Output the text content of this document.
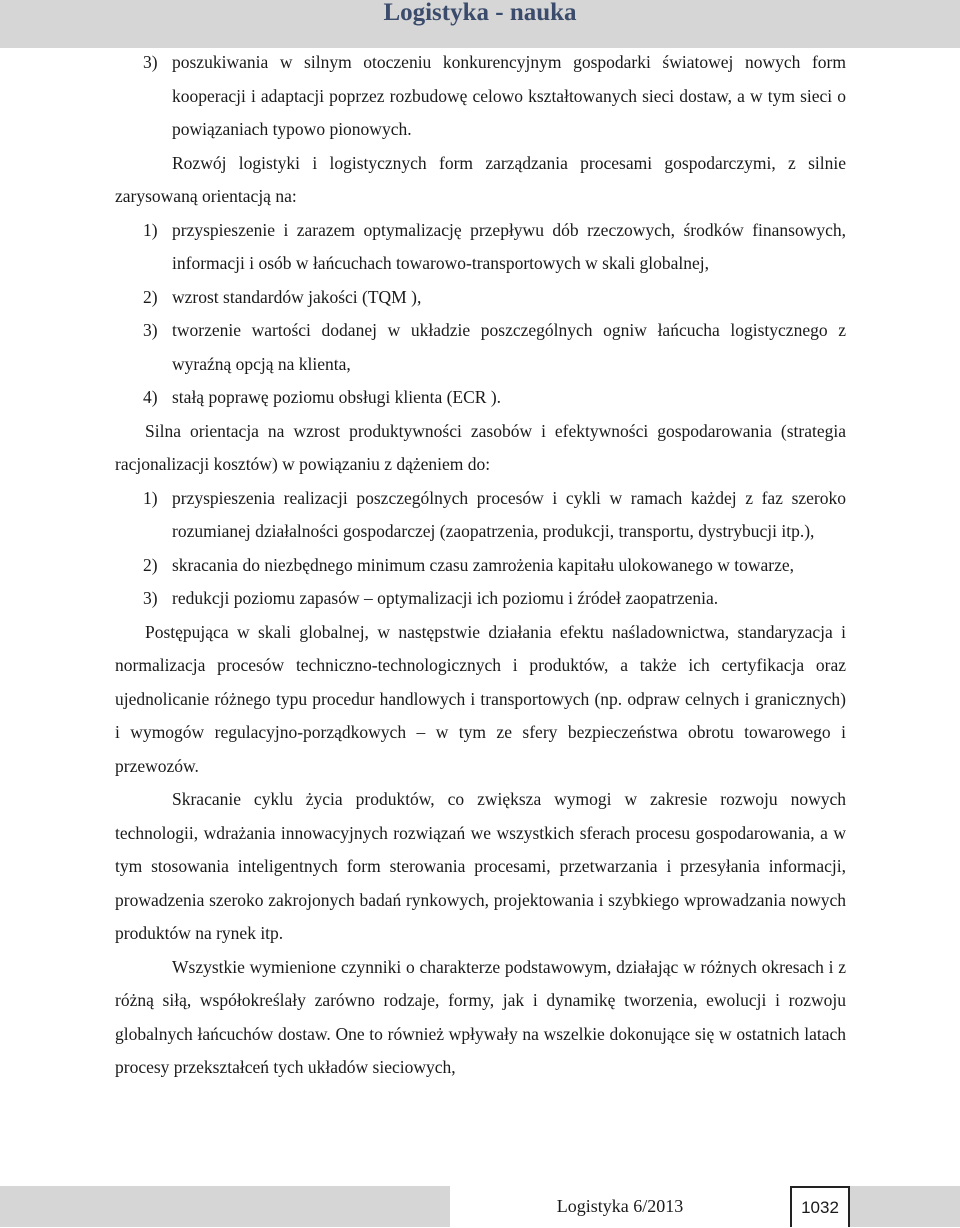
Logistyka - nauka

3) poszukiwania w silnym otoczeniu konkurencyjnym gospodarki światowej nowych form kooperacji i adaptacji poprzez rozbudowę celowo kształtowanych sieci dostaw, a w tym sieci o powiązaniach typowo pionowych.

Rozwój logistyki i logistycznych form zarządzania procesami gospodarczymi, z silnie zarysowaną orientacją na:

1) przyspieszenie i zarazem optymalizację przepływu dób rzeczowych, środków finansowych, informacji i osób w łańcuchach towarowo-transportowych w skali globalnej,

2) wzrost standardów jakości (TQM ),

3) tworzenie wartości dodanej w układzie poszczególnych ogniw łańcucha logistycznego z wyraźną opcją na klienta,

4) stałą poprawę poziomu obsługi klienta (ECR ).

Silna orientacja na wzrost produktywności zasobów i efektywności gospodarowania (strategia racjonalizacji kosztów) w powiązaniu z dążeniem do:

1) przyspieszenia realizacji poszczególnych procesów i cykli w ramach każdej z faz szeroko rozumianej działalności gospodarczej (zaopatrzenia, produkcji, transportu, dystrybucji itp.),

2) skracania do niezbędnego minimum czasu zamrożenia kapitału ulokowanego w towarze,

3) redukcji poziomu zapasów – optymalizacji ich poziomu i źródeł zaopatrzenia.

Postępująca w skali globalnej, w następstwie działania efektu naśladownictwa, standaryzacja i normalizacja procesów techniczno-technologicznych i produktów, a także ich certyfikacja oraz ujednolicanie różnego typu procedur handlowych i transportowych (np. odpraw celnych i granicznych) i wymogów regulacyjno-porządkowych – w tym ze sfery bezpieczeństwa obrotu towarowego i przewozów.

Skracanie cyklu życia produktów, co zwiększa wymogi w zakresie rozwoju nowych technologii, wdrażania innowacyjnych rozwiązań we wszystkich sferach procesu gospodarowania, a w tym stosowania inteligentnych form sterowania procesami, przetwarzania i przesyłania informacji, prowadzenia szeroko zakrojonych badań rynkowych, projektowania i szybkiego wprowadzania nowych produktów na rynek itp.

Wszystkie wymienione czynniki o charakterze podstawowym, działając w różnych okresach i z różną siłą, współokreślały zarówno rodzaje, formy, jak i dynamikę tworzenia, ewolucji i rozwoju globalnych łańcuchów dostaw. One to również wpływały na wszelkie dokonujące się w ostatnich latach procesy przekształceń tych układów sieciowych,

Logistyka 6/2013	1032
